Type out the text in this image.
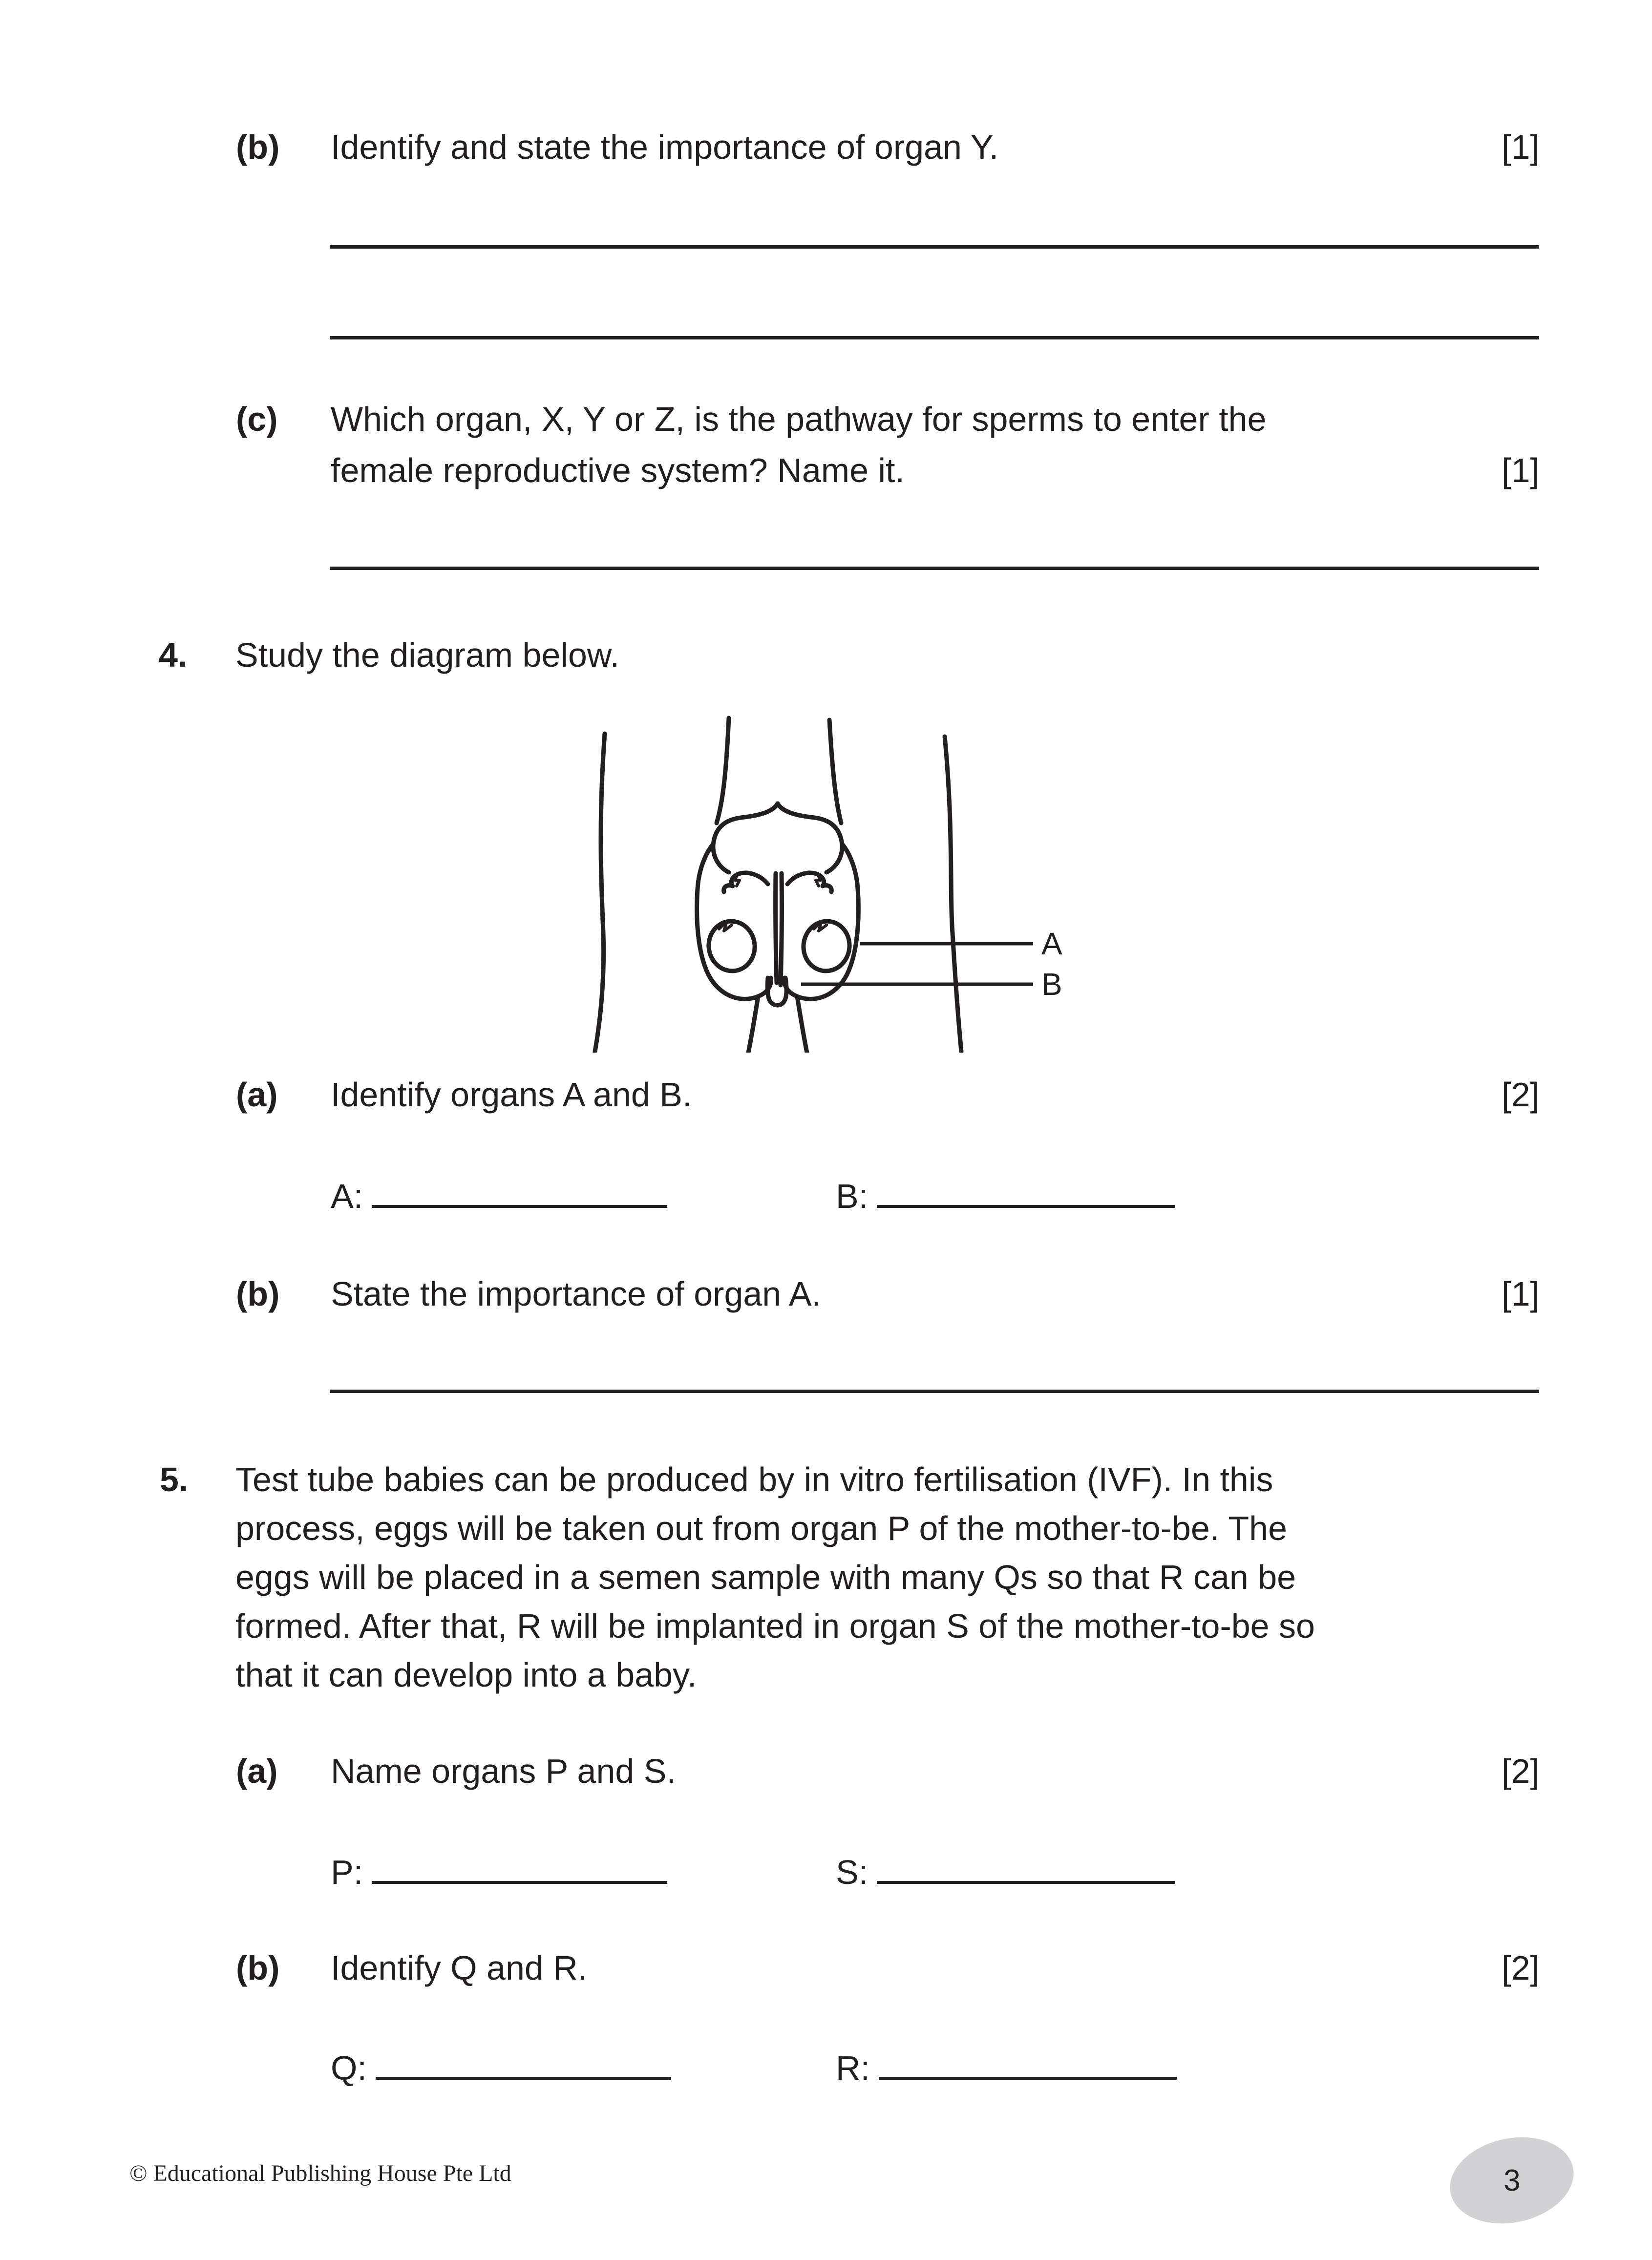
(b) Identify and state the importance of organ Y.	[1]
(c) Which organ, X, Y or Z, is the pathway for sperms to enter the
female reproductive system? Name it.	[1]
4. Study the diagram below.
A
B
(a) Identify organs A and B.	[2]
A:	B:
(b) State the importance of organ A.	[1]
5. Test tube babies can be produced by in vitro fertilisation (IVF). In this
process, eggs will be taken out from organ P of the mother-to-be. The
eggs will be placed in a semen sample with many Qs so that R can be
formed. After that, R will be implanted in organ S of the mother-to-be so
that it can develop into a baby.
(a) Name organs P and S.	[2]
P:	S:
(b) Identify Q and R.	[2]
Q:	R:
© Educational Publishing House Pte Ltd	3
